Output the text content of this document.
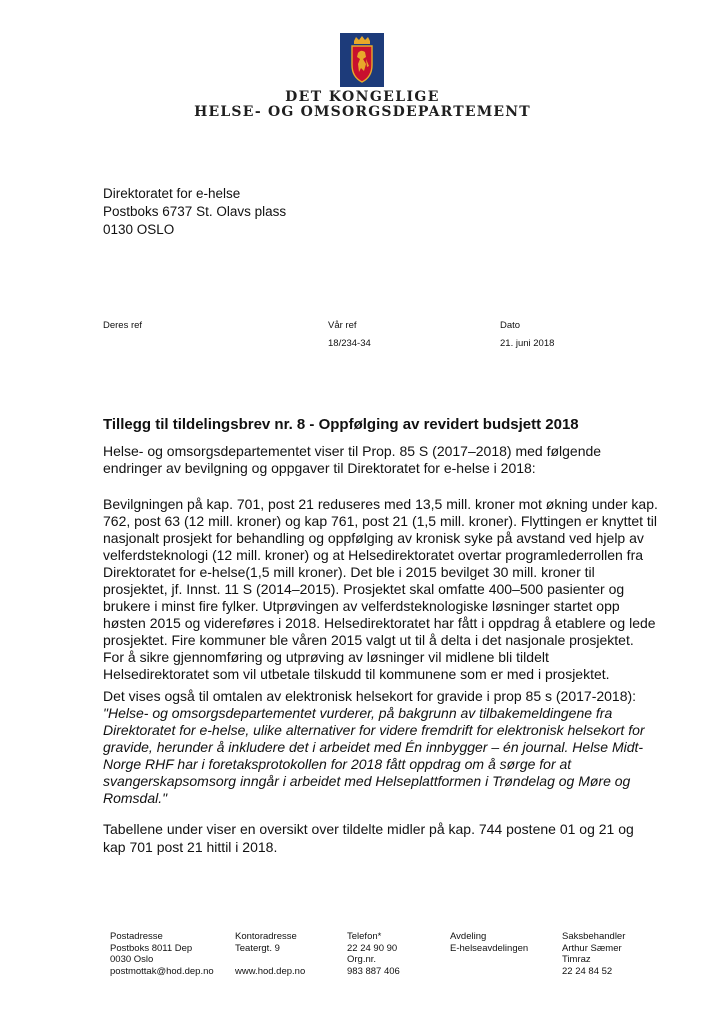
DET KONGELIGE
HELSE- OG OMSORGSDEPARTEMENT
Direktoratet for e-helse
Postboks 6737 St. Olavs plass
0130 OSLO
Deres ref	Vår ref
18/234-34
Dato
21. juni 2018
Tillegg til tildelingsbrev nr. 8 - Oppfølging av revidert budsjett 2018

Helse- og omsorgsdepartementet viser til Prop. 85 S (2017–2018) med følgende endringer av bevilgning og oppgaver til Direktoratet for e-helse i 2018:

Bevilgningen på kap. 701, post 21 reduseres med 13,5 mill. kroner mot økning under kap. 762, post 63 (12 mill. kroner) og kap 761, post 21 (1,5 mill. kroner). Flyttingen er knyttet til nasjonalt prosjekt for behandling og oppfølging av kronisk syke på avstand ved hjelp av velferdsteknologi (12 mill. kroner) og at Helsedirektoratet overtar programlederrollen fra Direktoratet for e-helse(1,5 mill kroner). Det ble i 2015 bevilget 30 mill. kroner til prosjektet, jf. Innst. 11 S (2014–2015). Prosjektet skal omfatte 400–500 pasienter og brukere i minst fire fylker. Utprøvingen av velferdsteknologiske løsninger startet opp høsten 2015 og videreføres i 2018. Helsedirektoratet har fått i oppdrag å etablere og lede prosjektet. Fire kommuner ble våren 2015 valgt ut til å delta i det nasjonale prosjektet. For å sikre gjennomføring og utprøving av løsninger vil midlene bli tildelt Helsedirektoratet som vil utbetale tilskudd til kommunene som er med i prosjektet.

Det vises også til omtalen av elektronisk helsekort for gravide i prop 85 s (2017-2018):
"Helse- og omsorgsdepartementet vurderer, på bakgrunn av tilbakemeldingene fra Direktoratet for e-helse, ulike alternativer for videre fremdrift for elektronisk helsekort for gravide, herunder å inkludere det i arbeidet med Én innbygger – én journal. Helse Midt-Norge RHF har i foretaksprotokollen for 2018 fått oppdrag om å sørge for at svangerskapsomsorg inngår i arbeidet med Helseplattformen i Trøndelag og Møre og Romsdal."

Tabellene under viser en oversikt over tildelte midler på kap. 744 postene 01 og 21 og kap 701 post 21 hittil i 2018.

Postadresse
Postboks 8011 Dep
0030 Oslo
postmottak@hod.dep.no
Kontoradresse
Teatergt. 9

www.hod.dep.no
Telefon*
22 24 90 90
Org.nr.
983 887 406
Avdeling
E-helseavdelingen
Saksbehandler
Arthur Sæmer
Timraz
22 24 84 52
